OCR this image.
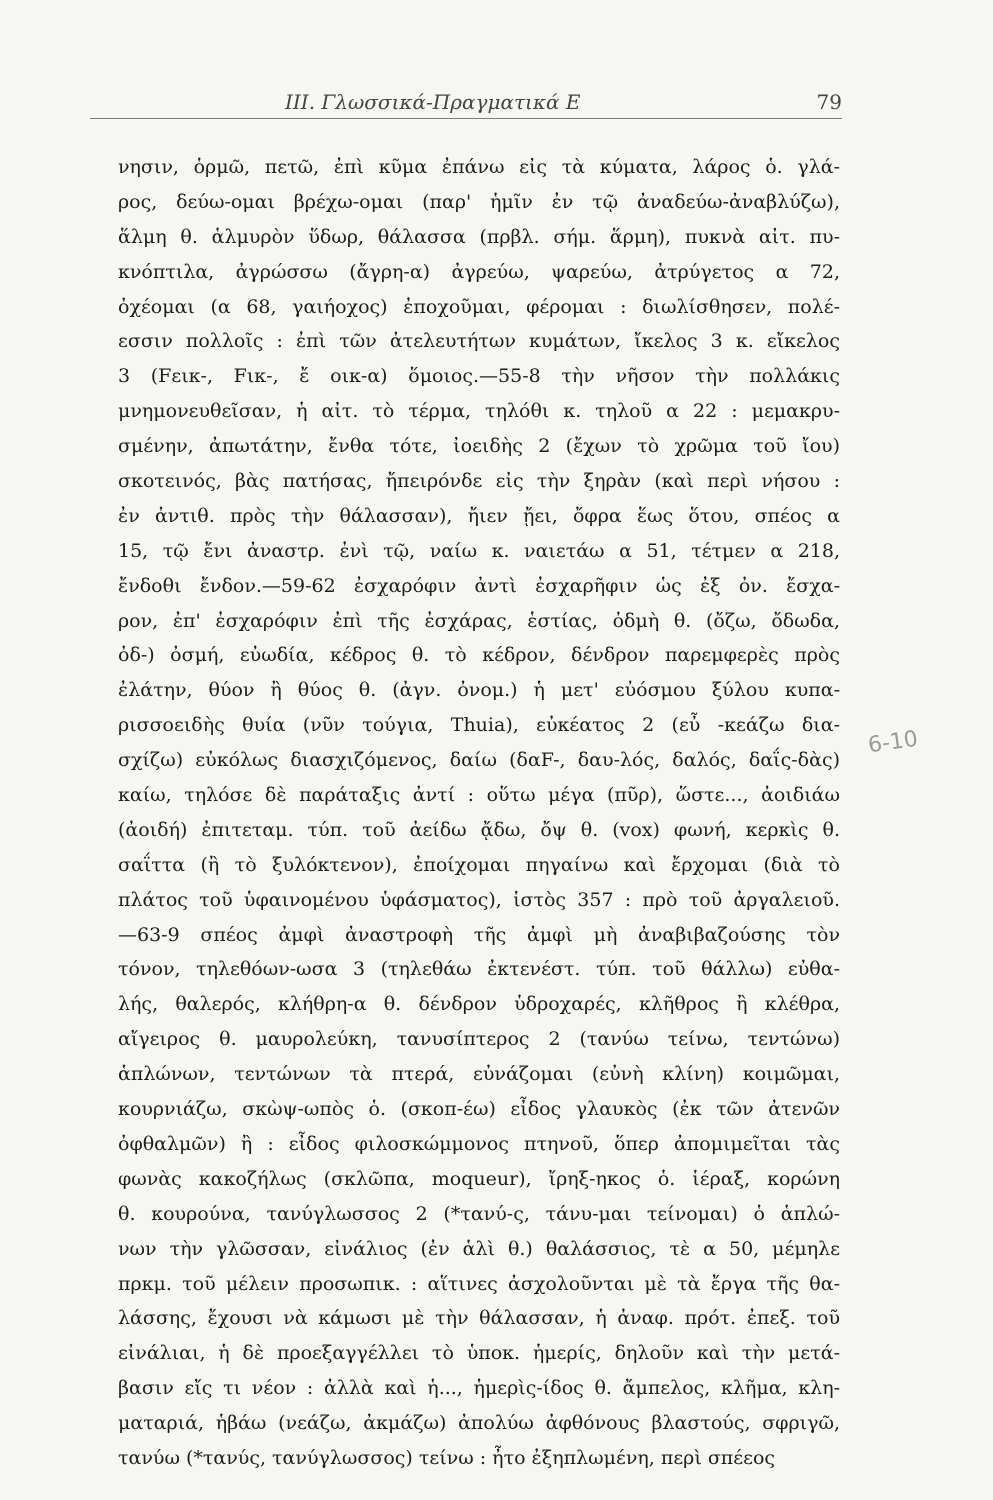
ΙΙΙ. Γλωσσικά-Πραγματικά Ε	79
νησιν, ὁρμῶ, πετῶ, ἐπὶ κῦμα ἐπάνω εἰς τὰ κύματα, λάρος ὁ. γλά-
ρος, δεύω-ομαι βρέχω-ομαι (παρ' ἡμῖν ἐν τῷ ἀναδεύω-ἀναβλύζω),
ἅλμη θ. ἁλμυρὸν ὕδωρ, θάλασσα (πρβλ. σήμ. ἅρμη), πυκνὰ αἰτ. πυ-
κνόπτιλα, ἀγρώσσω (ἄγρη-α) ἀγρεύω, ψαρεύω, ἀτρύγετος α 72,
ὀχέομαι (α 68, γαιήοχος) ἐποχοῦμαι, φέρομαι : διωλίσθησεν, πολέ-
εσσιν πολλοῖς : ἐπὶ τῶν ἀτελευτήτων κυμάτων, ἴκελος 3 κ. εἴκελος
3 (Fεικ-, Fικ-, ἔ οικ-α) ὅμοιος.—55-8 τὴν νῆσον τὴν πολλάκις
μνημονευθεῖσαν, ἡ αἰτ. τὸ τέρμα, τηλόθι κ. τηλοῦ α 22 : μεμακρυ-
σμένην, ἀπωτάτην, ἔνθα τότε, ἰοειδὴς 2 (ἔχων τὸ χρῶμα τοῦ ἴου)
σκοτεινός, βὰς πατήσας, ἤπειρόνδε εἰς τὴν ξηρὰν (καὶ περὶ νήσου :
ἐν ἀντιθ. πρὸς τὴν θάλασσαν), ἤιεν ᾔει, ὄφρα ἕως ὅτου, σπέος α
15, τῷ ἔνι ἀναστρ. ἐνὶ τῷ, ναίω κ. ναιετάω α 51, τέτμεν α 218,
ἔνδοθι ἔνδον.—59-62 ἐσχαρόφιν ἀντὶ ἐσχαρῆφιν ὡς ἐξ ὀν. ἔσχα-
ρον, ἐπ' ἐσχαρόφιν ἐπὶ τῆς ἐσχάρας, ἑστίας, ὀδμὴ θ. (ὄζω, ὄδωδα,
ὀδ-) ὀσμή, εὐωδία, κέδρος θ. τὸ κέδρον, δένδρον παρεμφερὲς πρὸς
ἐλάτην, θύον ἢ θύος θ. (ἀγν. ὀνομ.) ἡ μετ' εὐόσμου ξύλου κυπα-
ρισσοειδὴς θυία (νῦν τούγια, Thuia), εὐκέατος 2 (εὖ -κεάζω δια-
σχίζω) εὐκόλως διασχιζόμενος, δαίω (δαF-, δαυ-λός, δαλός, δαΐς-δὰς)
καίω, τηλόσε δὲ παράταξις ἀντί : οὕτω μέγα (πῦρ), ὥστε..., ἀοιδιάω
(ἀοιδή) ἐπιτεταμ. τύπ. τοῦ ἀείδω ᾄδω, ὄψ θ. (vox) φωνή, κερκὶς θ.
σαΐττα (ἢ τὸ ξυλόκτενον), ἐποίχομαι πηγαίνω καὶ ἔρχομαι (διὰ τὸ
πλάτος τοῦ ὑφαινομένου ὑφάσματος), ἱστὸς 357 : πρὸ τοῦ ἀργαλειοῦ.
—63-9 σπέος ἀμφὶ ἀναστροφὴ τῆς ἀμφὶ μὴ ἀναβιβαζούσης τὸν
τόνον, τηλεθόων-ωσα 3 (τηλεθάω ἐκτενέστ. τύπ. τοῦ θάλλω) εὐθα-
λής, θαλερός, κλήθρη-α θ. δένδρον ὑδροχαρές, κλῆθρος ἢ κλέθρα,
αἴγειρος θ. μαυρολεύκη, τανυσίπτερος 2 (τανύω τείνω, τεντώνω)
ἁπλώνων, τεντώνων τὰ πτερά, εὐνάζομαι (εὐνὴ κλίνη) κοιμῶμαι,
κουρνιάζω, σκὼψ-ωπὸς ὁ. (σκοπ-έω) εἶδος γλαυκὸς (ἐκ τῶν ἀτενῶν
ὀφθαλμῶν) ἢ : εἶδος φιλοσκώμμονος πτηνοῦ, ὅπερ ἀπομιμεῖται τὰς
φωνὰς κακοζήλως (σκλῶπα, moqueur), ἴρηξ-ηκος ὁ. ἱέραξ, κορώνη
θ. κουρούνα, τανύγλωσσος 2 (*τανύ-ς, τάνυ-μαι τείνομαι) ὁ ἁπλώ-
νων τὴν γλῶσσαν, εἰνάλιος (ἐν ἁλὶ θ.) θαλάσσιος, τὲ α 50, μέμηλε
πρκμ. τοῦ μέλειν προσωπικ. : αἵτινες ἀσχολοῦνται μὲ τὰ ἔργα τῆς θα-
λάσσης, ἔχουσι νὰ κάμωσι μὲ τὴν θάλασσαν, ἡ ἀναφ. πρότ. ἐπεξ. τοῦ
εἰνάλιαι, ἡ δὲ προεξαγγέλλει τὸ ὑποκ. ἡμερίς, δηλοῦν καὶ τὴν μετά-
βασιν εἴς τι νέον : ἀλλὰ καὶ ἡ..., ἡμερὶς-ίδος θ. ἄμπελος, κλῆμα, κλη-
ματαριά, ἡβάω (νεάζω, ἀκμάζω) ἀπολύω ἀφθόνους βλαστούς, σφριγῶ,
τανύω (*τανύς, τανύγλωσσος) τείνω : ἦτο ἐξηπλωμένη, περὶ σπέεος
6-10
